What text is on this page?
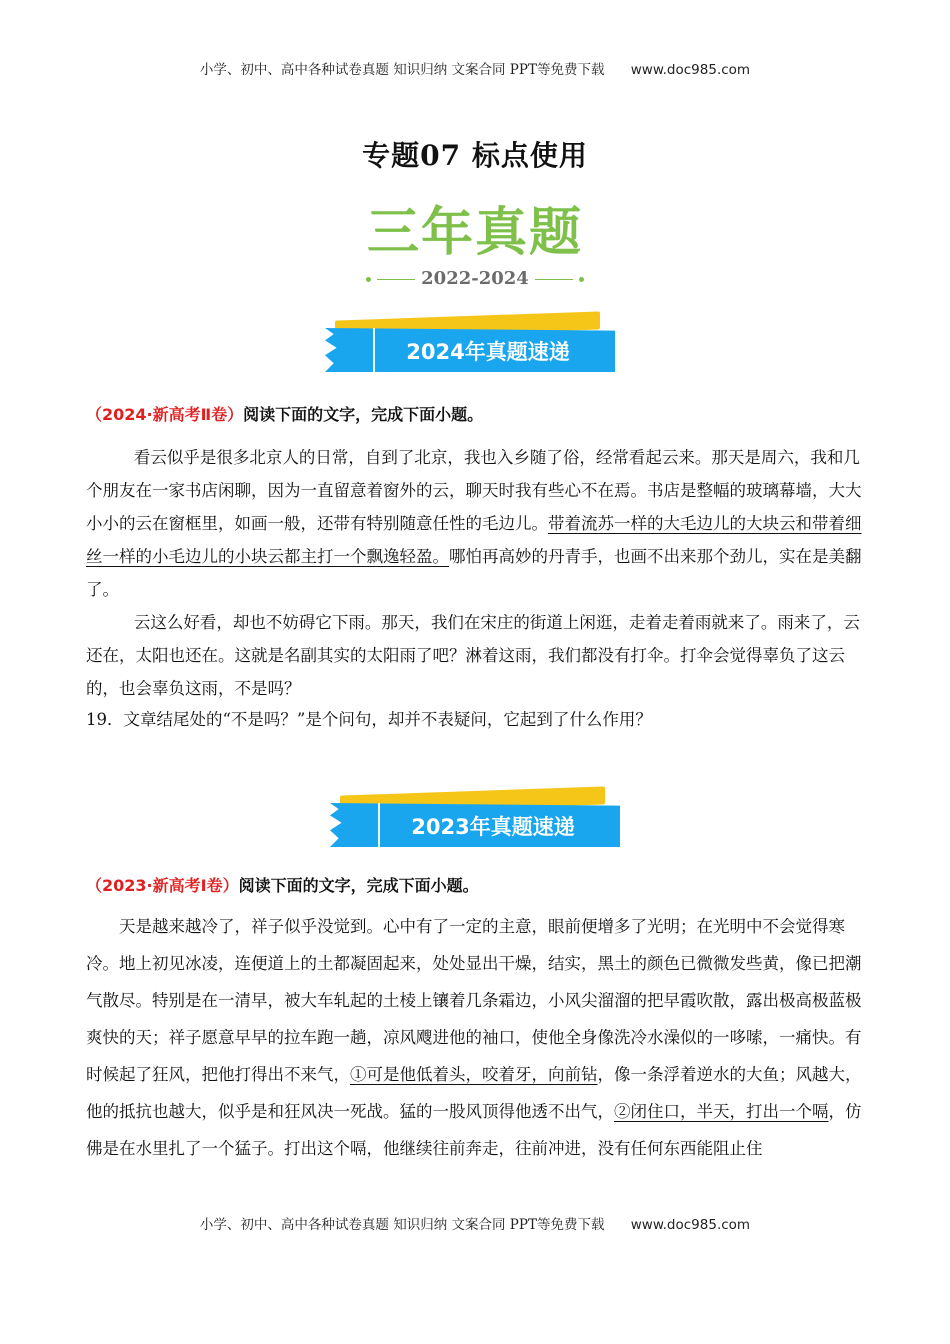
小学、初中、高中各种试卷真题 知识归纳 文案合同 PPT等免费下载 www.doc985.com
专题07 标点使用
三年真题
2022-2024
2024年真题速递
（2024·新高考Ⅱ卷）阅读下面的文字，完成下面小题。

看云似乎是很多北京人的日常，自到了北京，我也入乡随了俗，经常看起云来。那天是周六，我和几个朋友在一家书店闲聊，因为一直留意着窗外的云，聊天时我有些心不在焉。书店是整幅的玻璃幕墙，大大小小的云在窗框里，如画一般，还带有特别随意任性的毛边儿。带着流苏一样的大毛边儿的大块云和带着细丝一样的小毛边儿的小块云都主打一个飘逸轻盈。哪怕再高妙的丹青手，也画不出来那个劲儿，实在是美翻了。

云这么好看，却也不妨碍它下雨。那天，我们在宋庄的街道上闲逛，走着走着雨就来了。雨来了，云还在，太阳也还在。这就是名副其实的太阳雨了吧？淋着这雨，我们都没有打伞。打伞会觉得辜负了这云的，也会辜负这雨，不是吗？

19．文章结尾处的“不是吗？”是个问句，却并不表疑问，它起到了什么作用？
2023年真题速递
（2023·新高考Ⅰ卷）阅读下面的文字，完成下面小题。

天是越来越冷了，祥子似乎没觉到。心中有了一定的主意，眼前便增多了光明；在光明中不会觉得寒冷。地上初见冰凌，连便道上的土都凝固起来，处处显出干燥，结实，黑土的颜色已微微发些黄，像已把潮气散尽。特别是在一清早，被大车轧起的土棱上镶着几条霜边，小风尖溜溜的把早霞吹散，露出极高极蓝极爽快的天；祥子愿意早早的拉车跑一趟，凉风飕进他的袖口，使他全身像洗冷水澡似的一哆嗦，一痛快。有时候起了狂风，把他打得出不来气，①可是他低着头，咬着牙，向前钻，像一条浮着逆水的大鱼；风越大，他的抵抗也越大，似乎是和狂风决一死战。猛的一股风顶得他透不出气，②闭住口，半天，打出一个嗝，仿佛是在水里扎了一个猛子。打出这个嗝，他继续往前奔走，往前冲进，没有任何东西能阻止住

小学、初中、高中各种试卷真题 知识归纳 文案合同 PPT等免费下载 www.doc985.com
